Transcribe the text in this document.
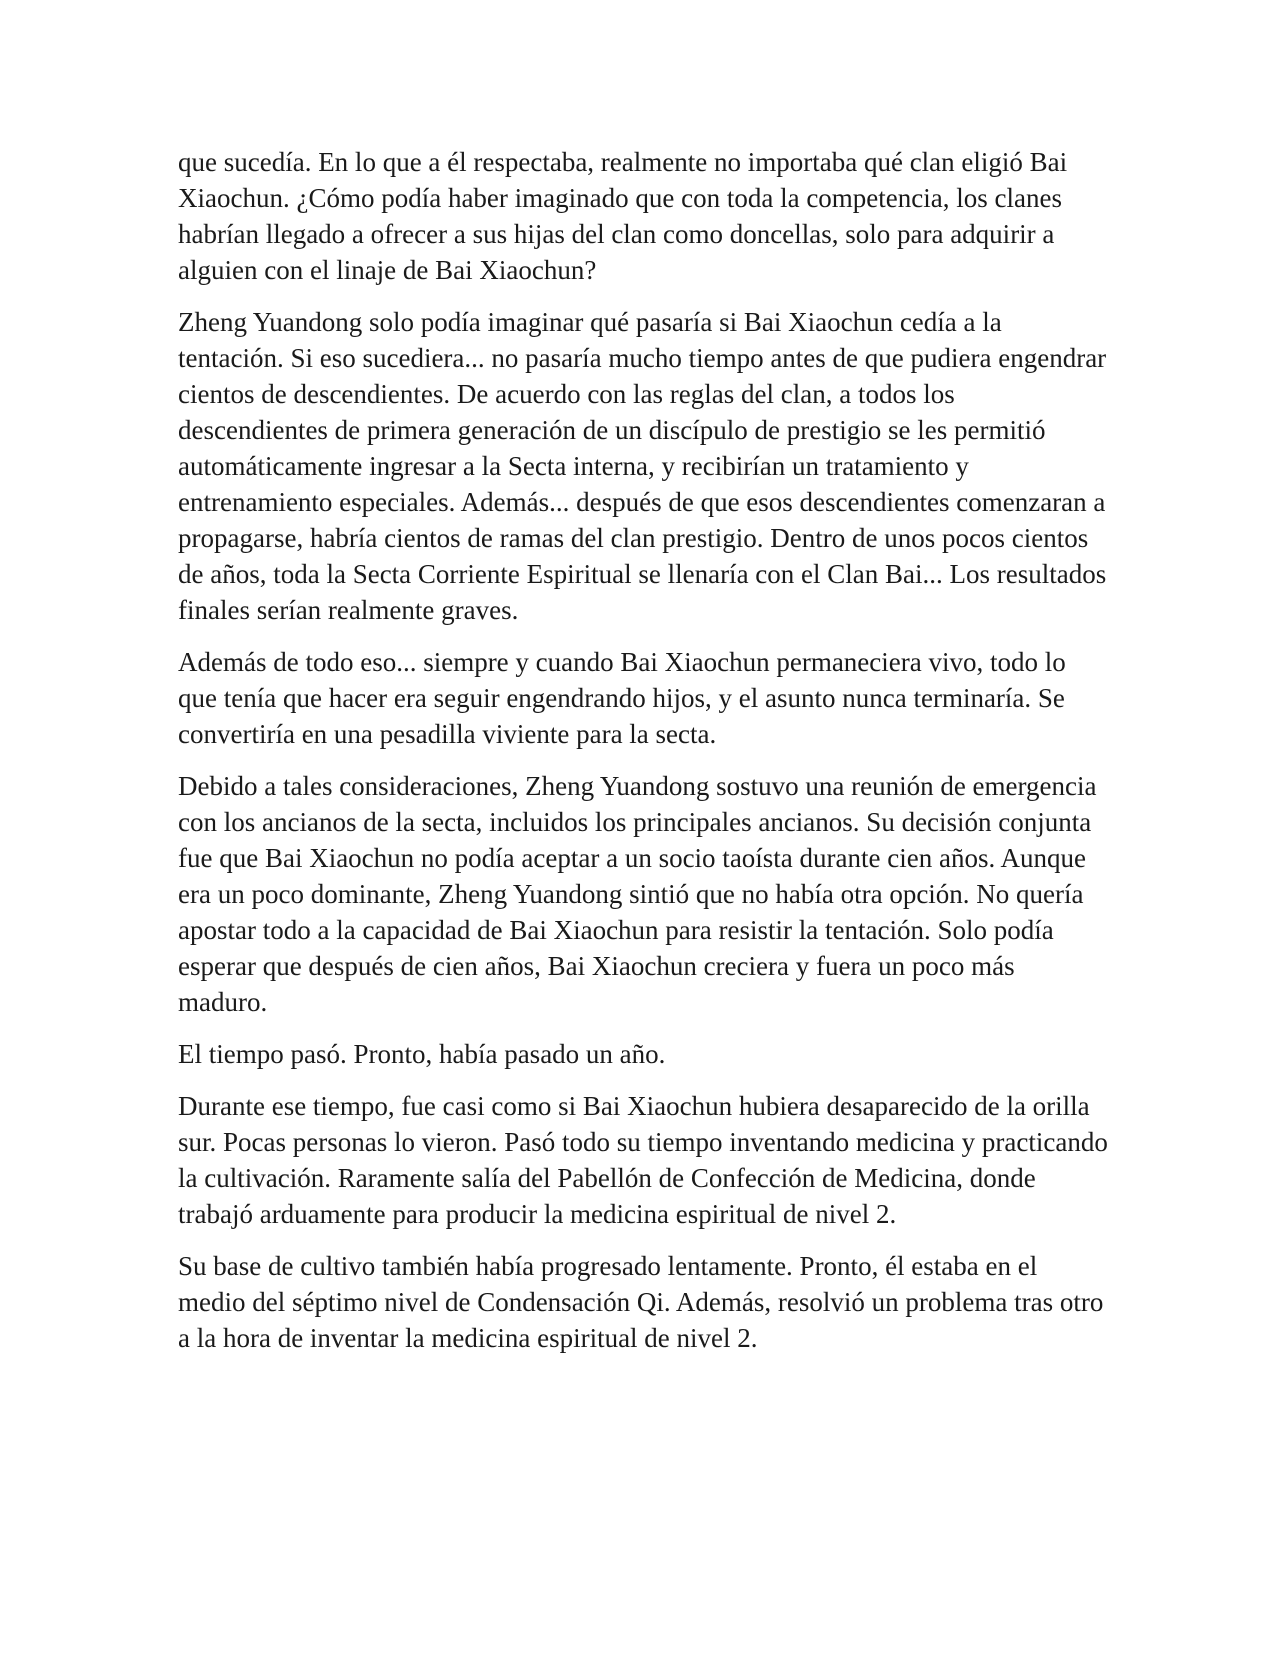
que sucedía. En lo que a él respectaba, realmente no importaba qué clan eligió Bai Xiaochun. ¿Cómo podía haber imaginado que con toda la competencia, los clanes habrían llegado a ofrecer a sus hijas del clan como doncellas, solo para adquirir a alguien con el linaje de Bai Xiaochun?

Zheng Yuandong solo podía imaginar qué pasaría si Bai Xiaochun cedía a la tentación. Si eso sucediera... no pasaría mucho tiempo antes de que pudiera engendrar cientos de descendientes. De acuerdo con las reglas del clan, a todos los descendientes de primera generación de un discípulo de prestigio se les permitió automáticamente ingresar a la Secta interna, y recibirían un tratamiento y entrenamiento especiales. Además... después de que esos descendientes comenzaran a propagarse, habría cientos de ramas del clan prestigio. Dentro de unos pocos cientos de años, toda la Secta Corriente Espiritual se llenaría con el Clan Bai... Los resultados finales serían realmente graves.

Además de todo eso... siempre y cuando Bai Xiaochun permaneciera vivo, todo lo que tenía que hacer era seguir engendrando hijos, y el asunto nunca terminaría. Se convertiría en una pesadilla viviente para la secta.

Debido a tales consideraciones, Zheng Yuandong sostuvo una reunión de emergencia con los ancianos de la secta, incluidos los principales ancianos. Su decisión conjunta fue que Bai Xiaochun no podía aceptar a un socio taoísta durante cien años. Aunque era un poco dominante, Zheng Yuandong sintió que no había otra opción. No quería apostar todo a la capacidad de Bai Xiaochun para resistir la tentación. Solo podía esperar que después de cien años, Bai Xiaochun creciera y fuera un poco más maduro.

El tiempo pasó. Pronto, había pasado un año.

Durante ese tiempo, fue casi como si Bai Xiaochun hubiera desaparecido de la orilla sur. Pocas personas lo vieron. Pasó todo su tiempo inventando medicina y practicando la cultivación. Raramente salía del Pabellón de Confección de Medicina, donde trabajó arduamente para producir la medicina espiritual de nivel 2.

Su base de cultivo también había progresado lentamente. Pronto, él estaba en el medio del séptimo nivel de Condensación Qi. Además, resolvió un problema tras otro a la hora de inventar la medicina espiritual de nivel 2.
